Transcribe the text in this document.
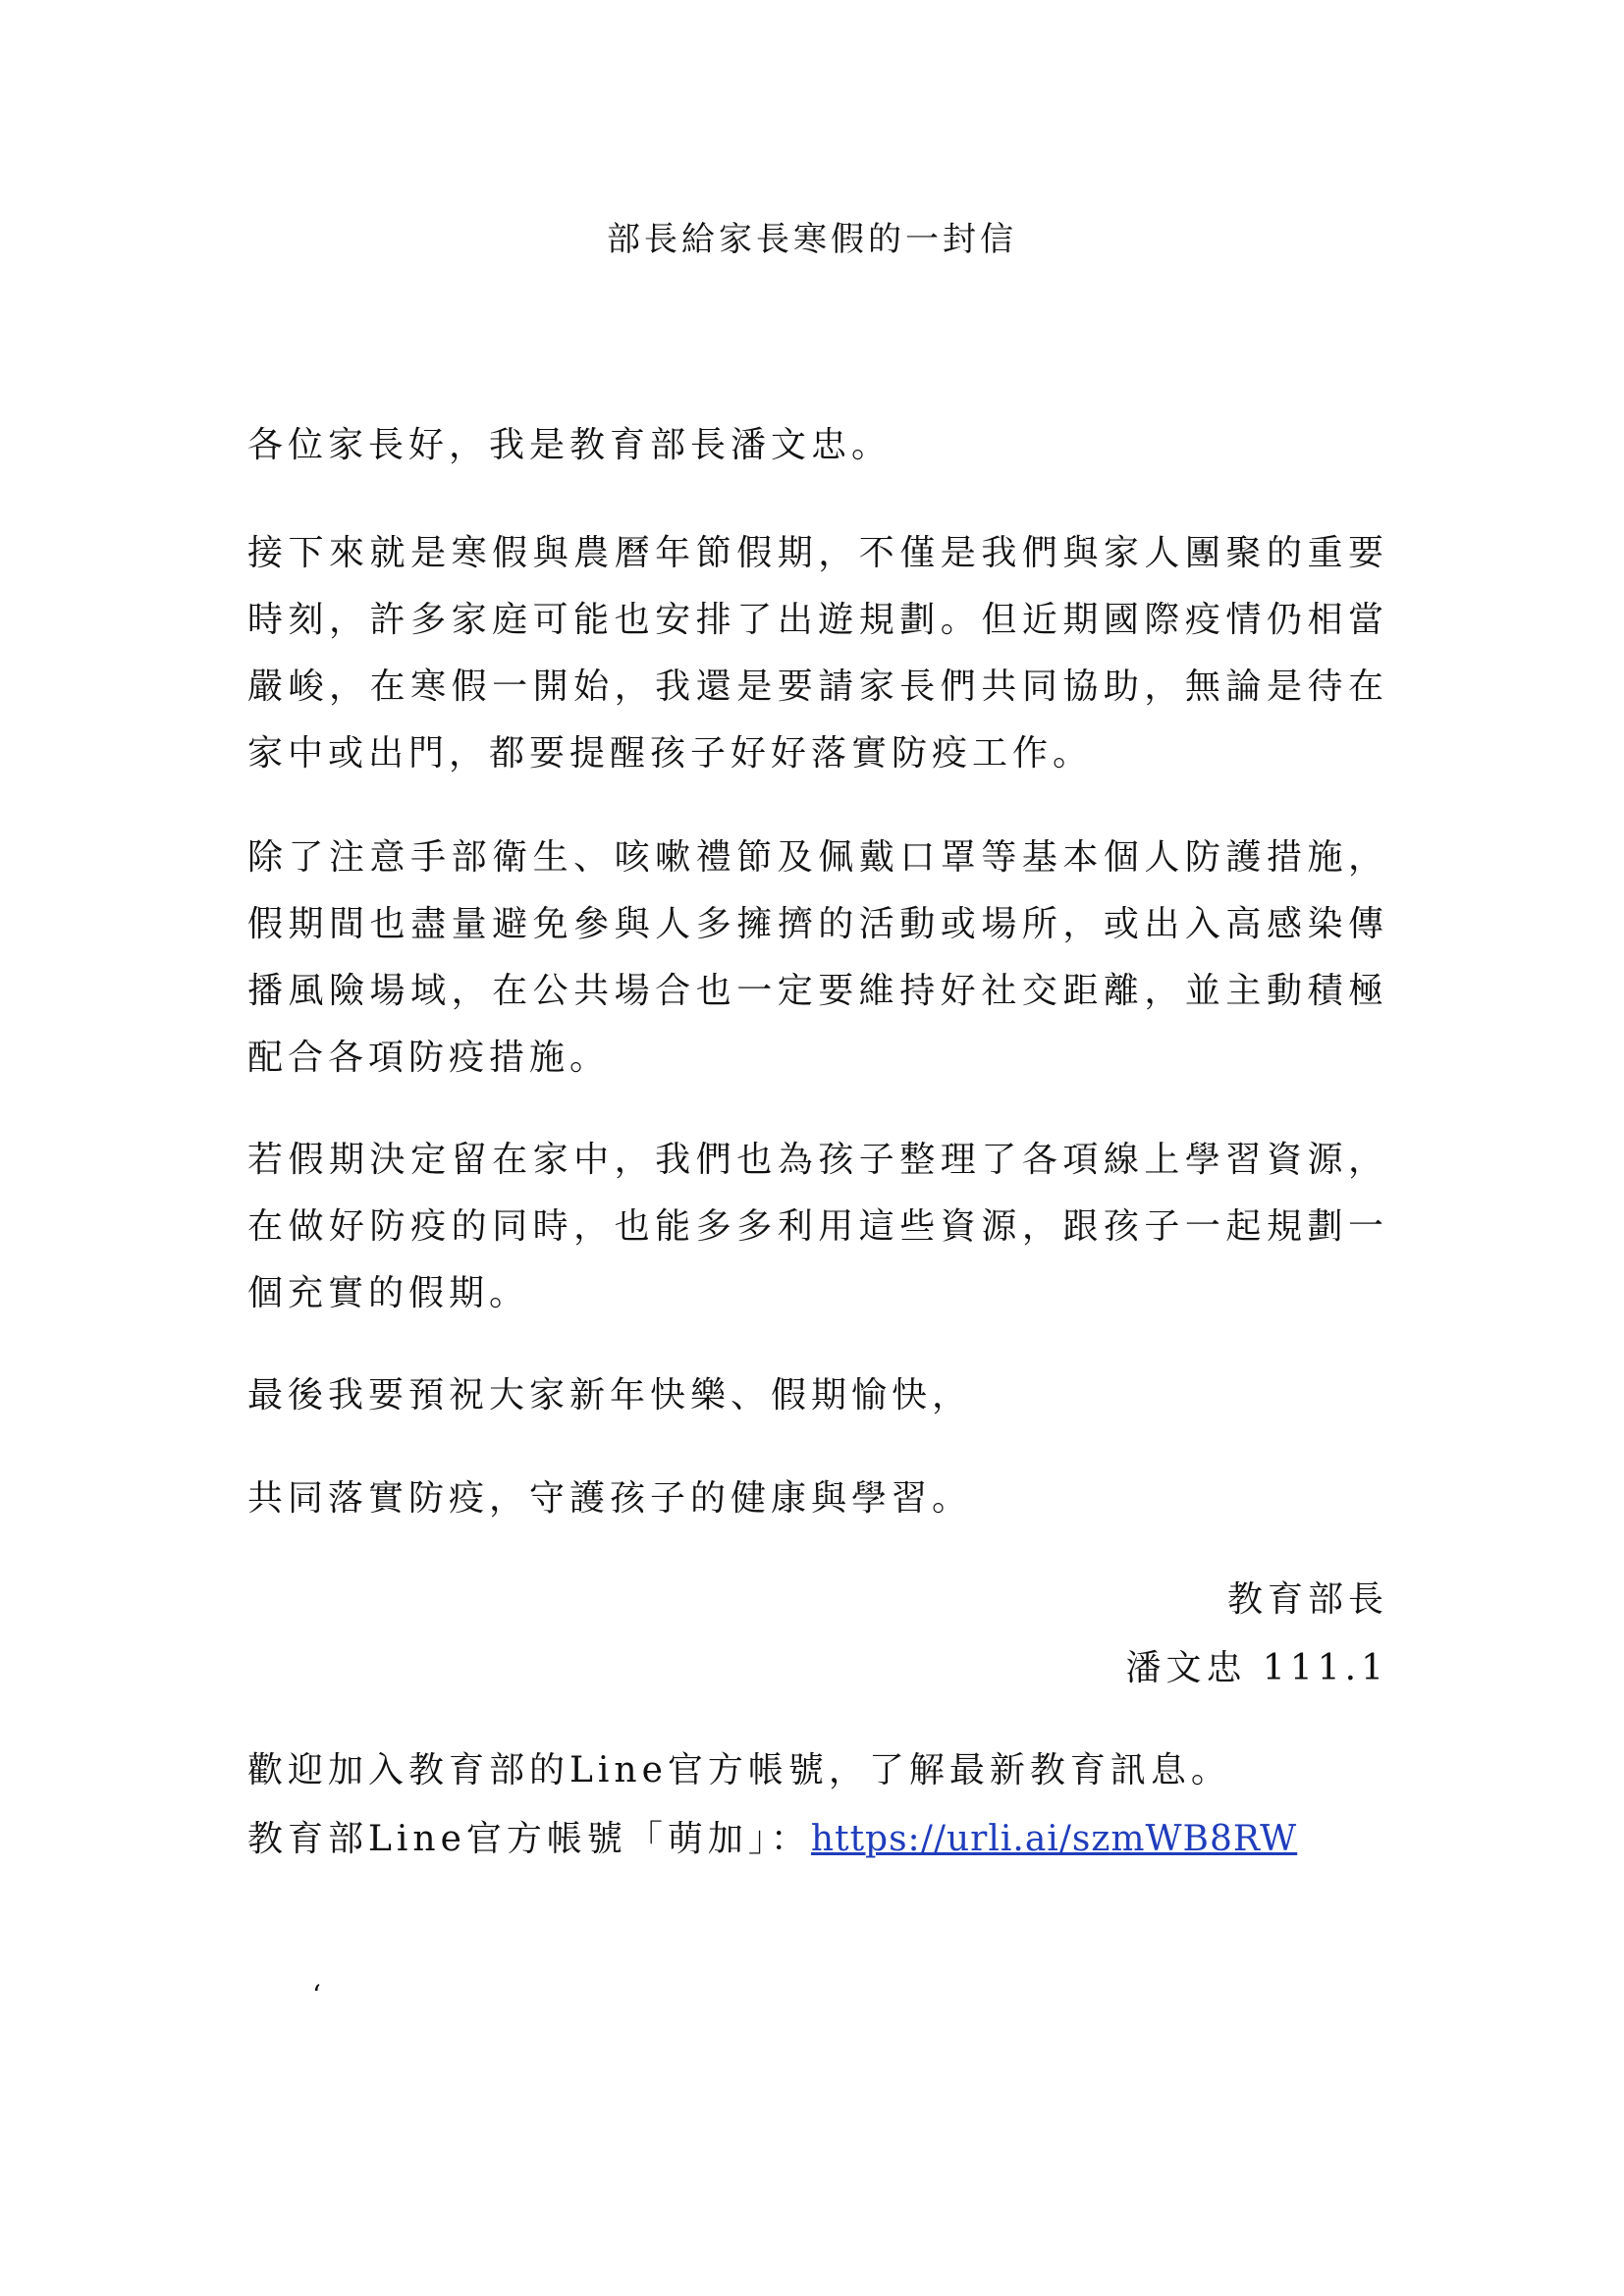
部長給家長寒假的一封信

各位家長好，我是教育部長潘文忠。

接下來就是寒假與農曆年節假期，不僅是我們與家人團聚的重要時刻，許多家庭可能也安排了出遊規劃。但近期國際疫情仍相當嚴峻，在寒假一開始，我還是要請家長們共同協助，無論是待在家中或出門，都要提醒孩子好好落實防疫工作。

除了注意手部衛生、咳嗽禮節及佩戴口罩等基本個人防護措施，假期間也盡量避免參與人多擁擠的活動或場所，或出入高感染傳播風險場域，在公共場合也一定要維持好社交距離，並主動積極配合各項防疫措施。

若假期決定留在家中，我們也為孩子整理了各項線上學習資源，在做好防疫的同時，也能多多利用這些資源，跟孩子一起規劃一個充實的假期。

最後我要預祝大家新年快樂、假期愉快，

共同落實防疫，守護孩子的健康與學習。

教育部長

潘文忠 111.1

歡迎加入教育部的Line官方帳號，了解最新教育訊息。

教育部Line官方帳號「萌加」：https://urli.ai/szmWB8RW

‘
